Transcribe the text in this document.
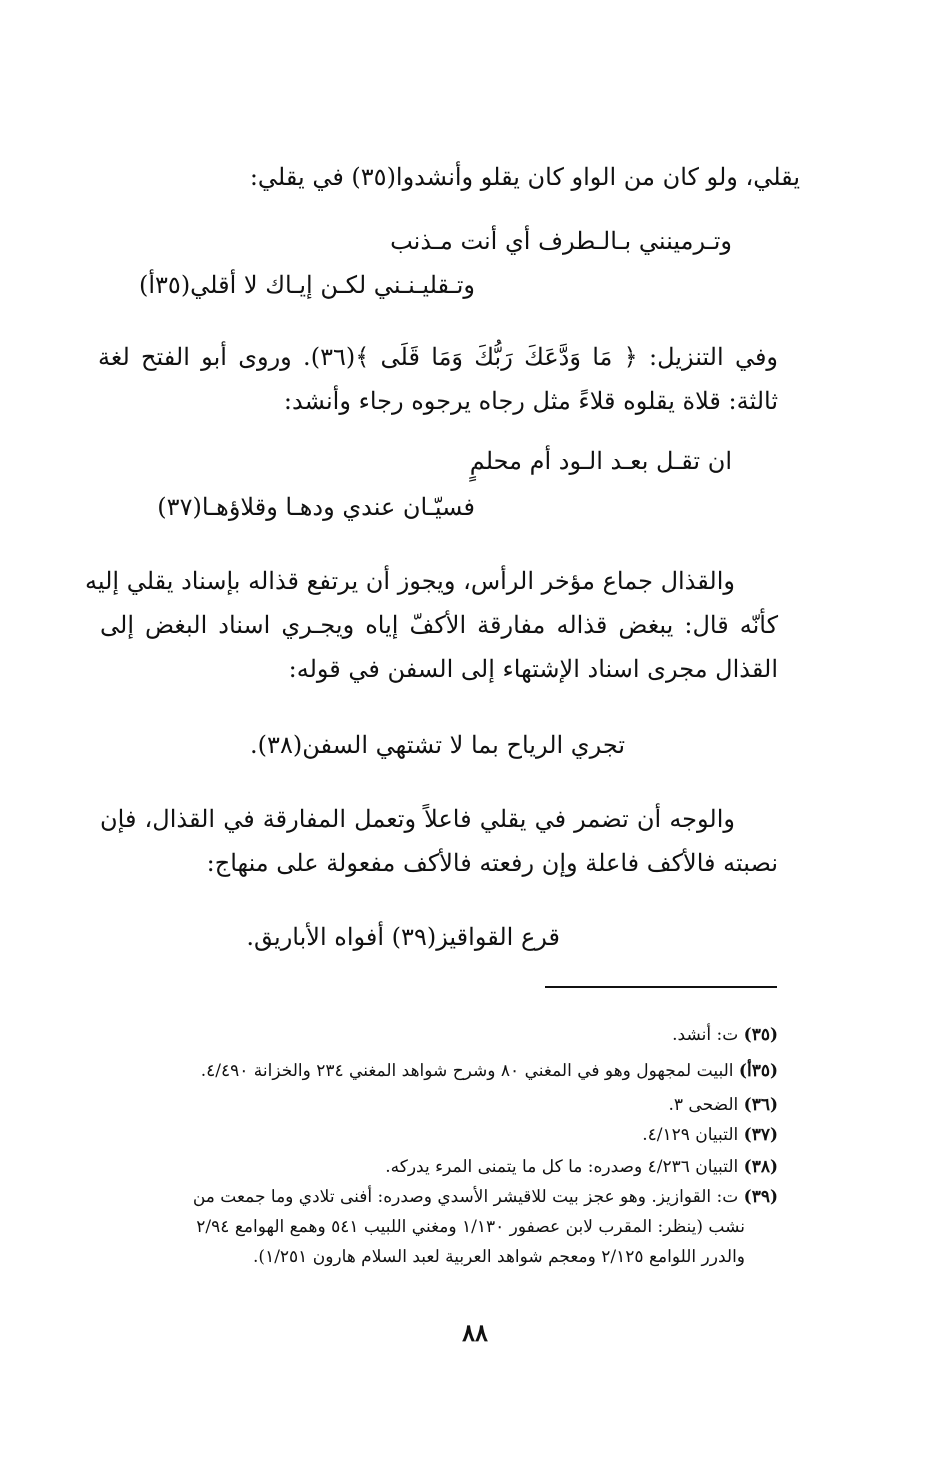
يقلي، ولو كان من الواو كان يقلو وأنشدوا(٣٥) في يقلي:
وتـرمينني بـالـطرف أي أنت مـذنب
وتـقليـنـني لكـن إيـاك لا أقلي(٣٥أ)
وفي التنزيل: ﴿ مَا وَدَّعَكَ رَبُّكَ وَمَا قَلَى ﴾(٣٦). وروى أبو الفتح لغة
ثالثة: قلاة يقلوه قلاءً مثل رجاه يرجوه رجاء وأنشد:
ان تقـل بعـد الـود أم محلمٍ
فسيّـان عندي ودهـا وقلاؤهـا(٣٧)
والقذال جماع مؤخر الرأس، ويجوز أن يرتفع قذاله بإسناد يقلي إليه
كأنّه قال: يبغض قذاله مفارقة الأكفّ إياه ويجـري اسناد البغض إلى
القذال مجرى اسناد الإشتهاء إلى السفن في قوله:
تجري الرياح بما لا تشتهي السفن(٣٨).
والوجه أن تضمر في يقلي فاعلاً وتعمل المفارقة في القذال، فإن
نصبته فالأكف فاعلة وإن رفعته فالأكف مفعولة على منهاج:
قرع القواقيز(٣٩) أفواه الأباريق.
(٣٥) ت: أنشد.
(٣٥أ) البيت لمجهول وهو في المغني ٨٠ وشرح شواهد المغني ٢٣٤ والخزانة ٤/٤٩٠.
(٣٦) الضحى ٣.
(٣٧) التبيان ٤/١٢٩.
(٣٨) التبيان ٤/٢٣٦ وصدره: ما كل ما يتمنى المرء يدركه.
(٣٩) ت: القوازيز. وهو عجز بيت للاقيشر الأسدي وصدره: أفنى تلادي وما جمعت من
نشب (ينظر: المقرب لابن عصفور ١/١٣٠ ومغني اللبيب ٥٤١ وهمع الهوامع ٢/٩٤
والدرر اللوامع ٢/١٢٥ ومعجم شواهد العربية لعبد السلام هارون ١/٢٥١).
٨٨
